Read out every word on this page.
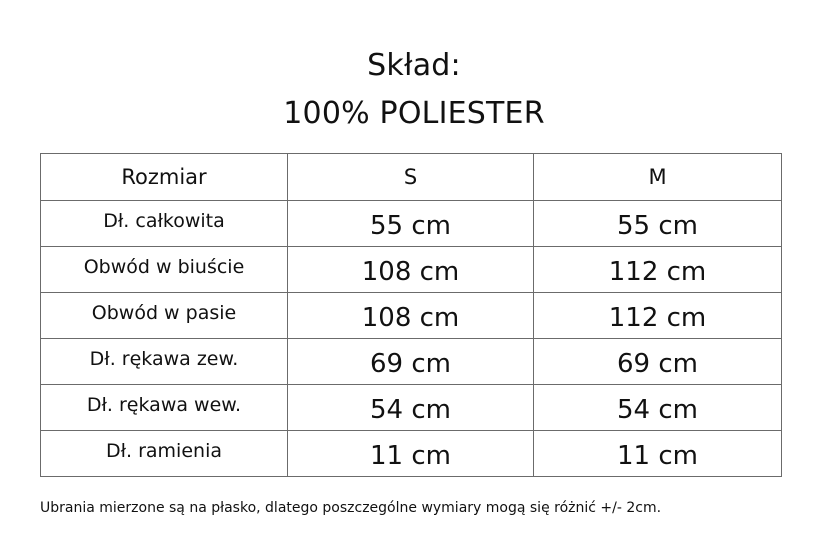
Skład:
100% POLIESTER
Rozmiar	S	M
Dł. całkowita	55 cm	55 cm
Obwód w biuście	108 cm	112 cm
Obwód w pasie	108 cm	112 cm
Dł. rękawa zew.	69 cm	69 cm
Dł. rękawa wew.	54 cm	54 cm
Dł. ramienia	11 cm	11 cm

Ubrania mierzone są na płasko, dlatego poszczególne wymiary mogą się różnić +/- 2cm.
